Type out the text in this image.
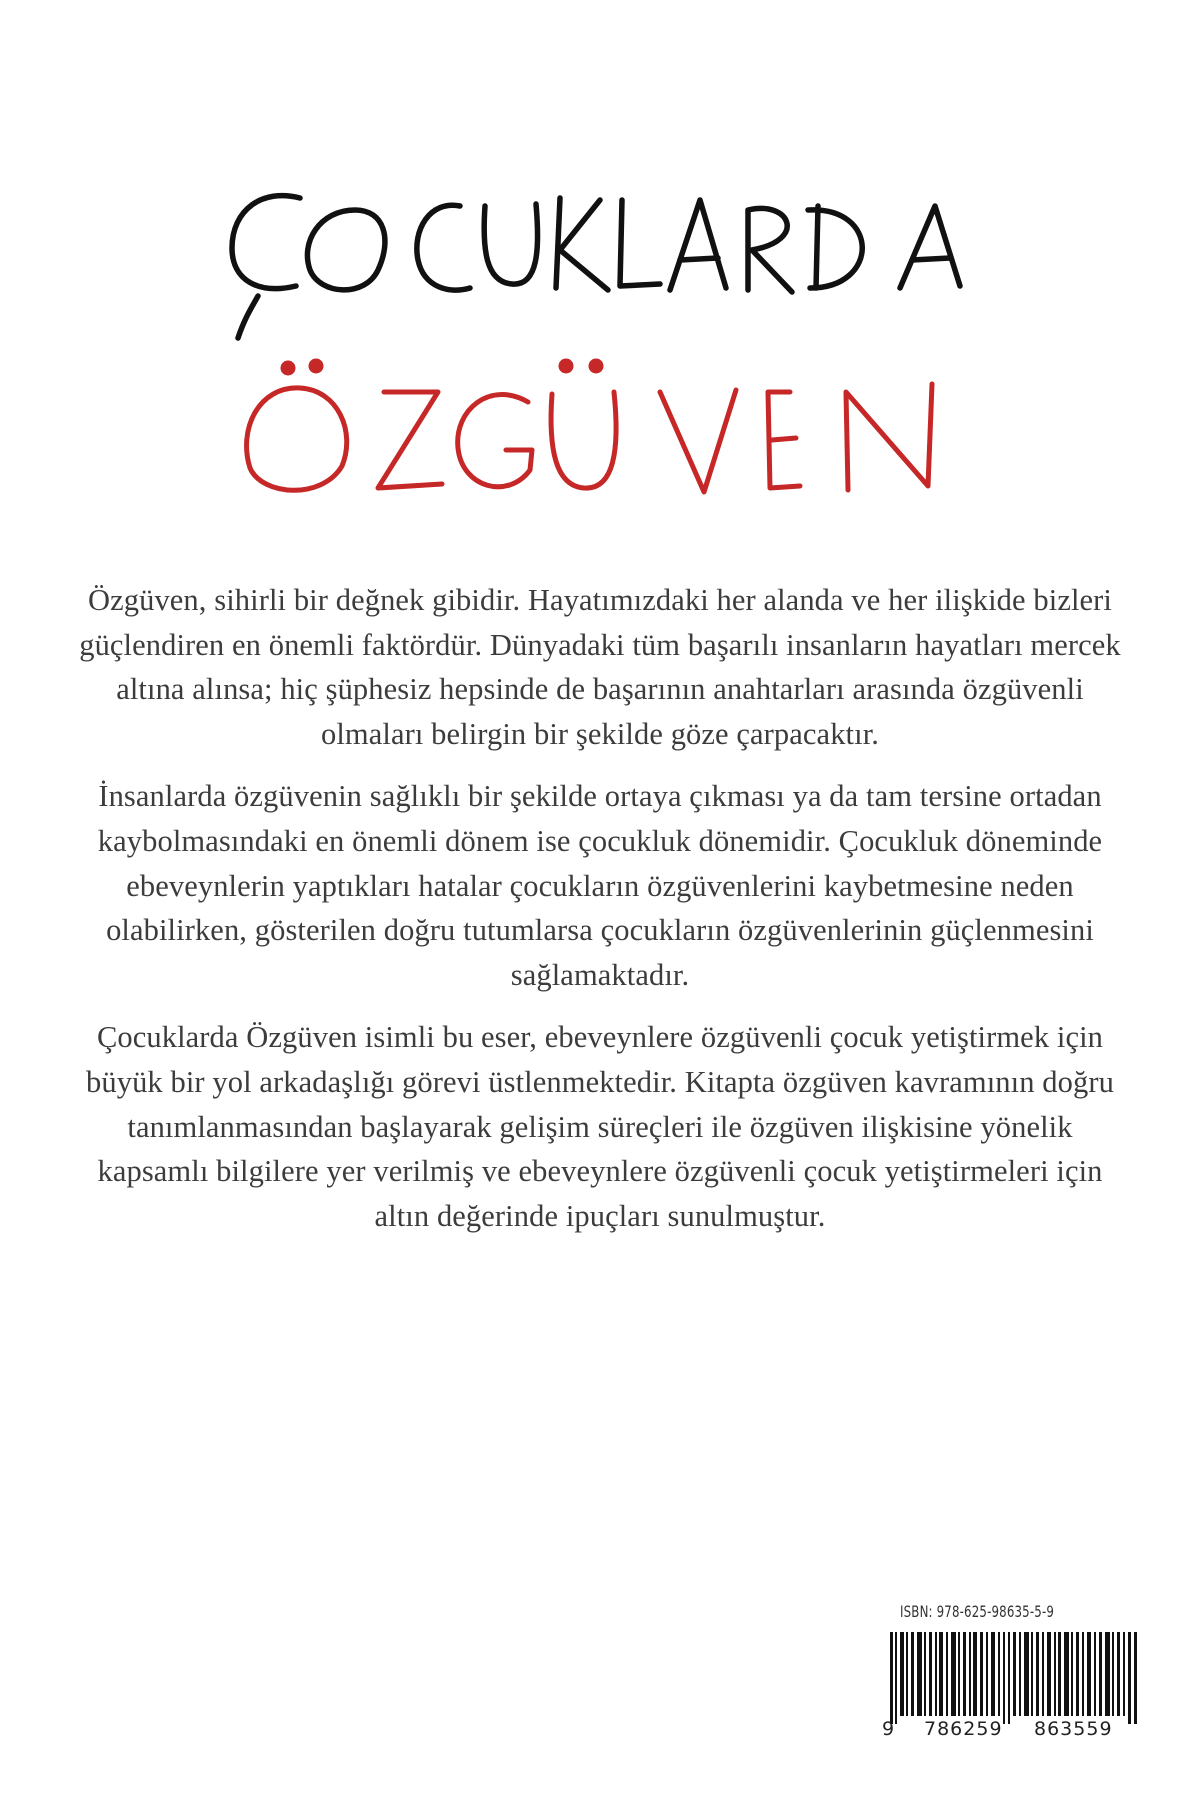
Özgüven, sihirli bir değnek gibidir. Hayatımızdaki her alanda ve her ilişkide bizleri güçlendiren en önemli faktördür. Dünyadaki tüm başarılı insanların hayatları mercek altına alınsa; hiç şüphesiz hepsinde de başarının anahtarları arasında özgüvenli olmaları belirgin bir şekilde göze çarpacaktır.

İnsanlarda özgüvenin sağlıklı bir şekilde ortaya çıkması ya da tam tersine ortadan kaybolmasındaki en önemli dönem ise çocukluk dönemidir. Çocukluk döneminde ebeveynlerin yaptıkları hatalar çocukların özgüvenlerini kaybetmesine neden olabilirken, gösterilen doğru tutumlarsa çocukların özgüvenlerinin güçlenmesini sağlamaktadır.

Çocuklarda Özgüven isimli bu eser, ebeveynlere özgüvenli çocuk yetiştirmek için büyük bir yol arkadaşlığı görevi üstlenmektedir. Kitapta özgüven kavramının doğru tanımlanmasından başlayarak gelişim süreçleri ile özgüven ilişkisine yönelik kapsamlı bilgilere yer verilmiş ve ebeveynlere özgüvenli çocuk yetiştirmeleri için altın değerinde ipuçları sunulmuştur.

ISBN: 978-625-98635-5-9
9 786259 863559
